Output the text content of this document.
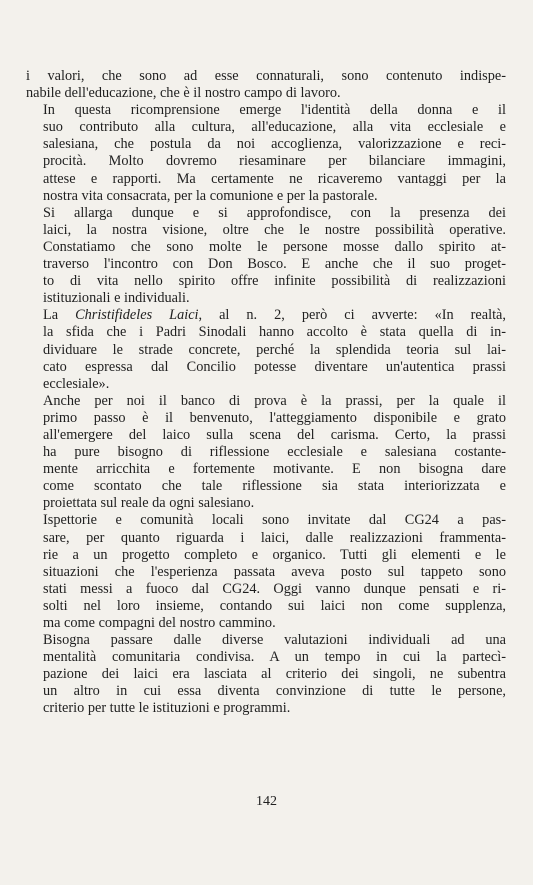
i valori, che sono ad esse connaturali, sono contenuto indispe-
nabile dell'educazione, che è il nostro campo di lavoro.

In questa ricomprensione emerge l'identità della donna e il
suo contributo alla cultura, all'educazione, alla vita ecclesiale e
salesiana, che postula da noi accoglienza, valorizzazione e reci-
procità. Molto dovremo riesaminare per bilanciare immagini,
attese e rapporti. Ma certamente ne ricaveremo vantaggi per la
nostra vita consacrata, per la comunione e per la pastorale.

Si allarga dunque e si approfondisce, con la presenza dei
laici, la nostra visione, oltre che le nostre possibilità operative.
Constatiamo che sono molte le persone mosse dallo spirito at-
traverso l'incontro con Don Bosco. E anche che il suo proget-
to di vita nello spirito offre infinite possibilità di realizzazioni
istituzionali e individuali.

La Christifideles Laici, al n. 2, però ci avverte: «In realtà,
la sfida che i Padri Sinodali hanno accolto è stata quella di in-
dividuare le strade concrete, perché la splendida teoria sul lai-
cato espressa dal Concilio potesse diventare un'autentica prassi
ecclesiale».

Anche per noi il banco di prova è la prassi, per la quale il
primo passo è il benvenuto, l'atteggiamento disponibile e grato
all'emergere del laico sulla scena del carisma. Certo, la prassi
ha pure bisogno di riflessione ecclesiale e salesiana costante-
mente arricchita e fortemente motivante. E non bisogna dare
come scontato che tale riflessione sia stata interiorizzata e
proiettata sul reale da ogni salesiano.

Ispettorie e comunità locali sono invitate dal CG24 a pas-
sare, per quanto riguarda i laici, dalle realizzazioni frammenta-
rie a un progetto completo e organico. Tutti gli elementi e le
situazioni che l'esperienza passata aveva posto sul tappeto sono
stati messi a fuoco dal CG24. Oggi vanno dunque pensati e ri-
solti nel loro insieme, contando sui laici non come supplenza,
ma come compagni del nostro cammino.

Bisogna passare dalle diverse valutazioni individuali ad una
mentalità comunitaria condivisa. A un tempo in cui la partecì-
pazione dei laici era lasciata al criterio dei singoli, ne subentra
un altro in cui essa diventa convinzione di tutte le persone,
criterio per tutte le istituzioni e programmi.

142
